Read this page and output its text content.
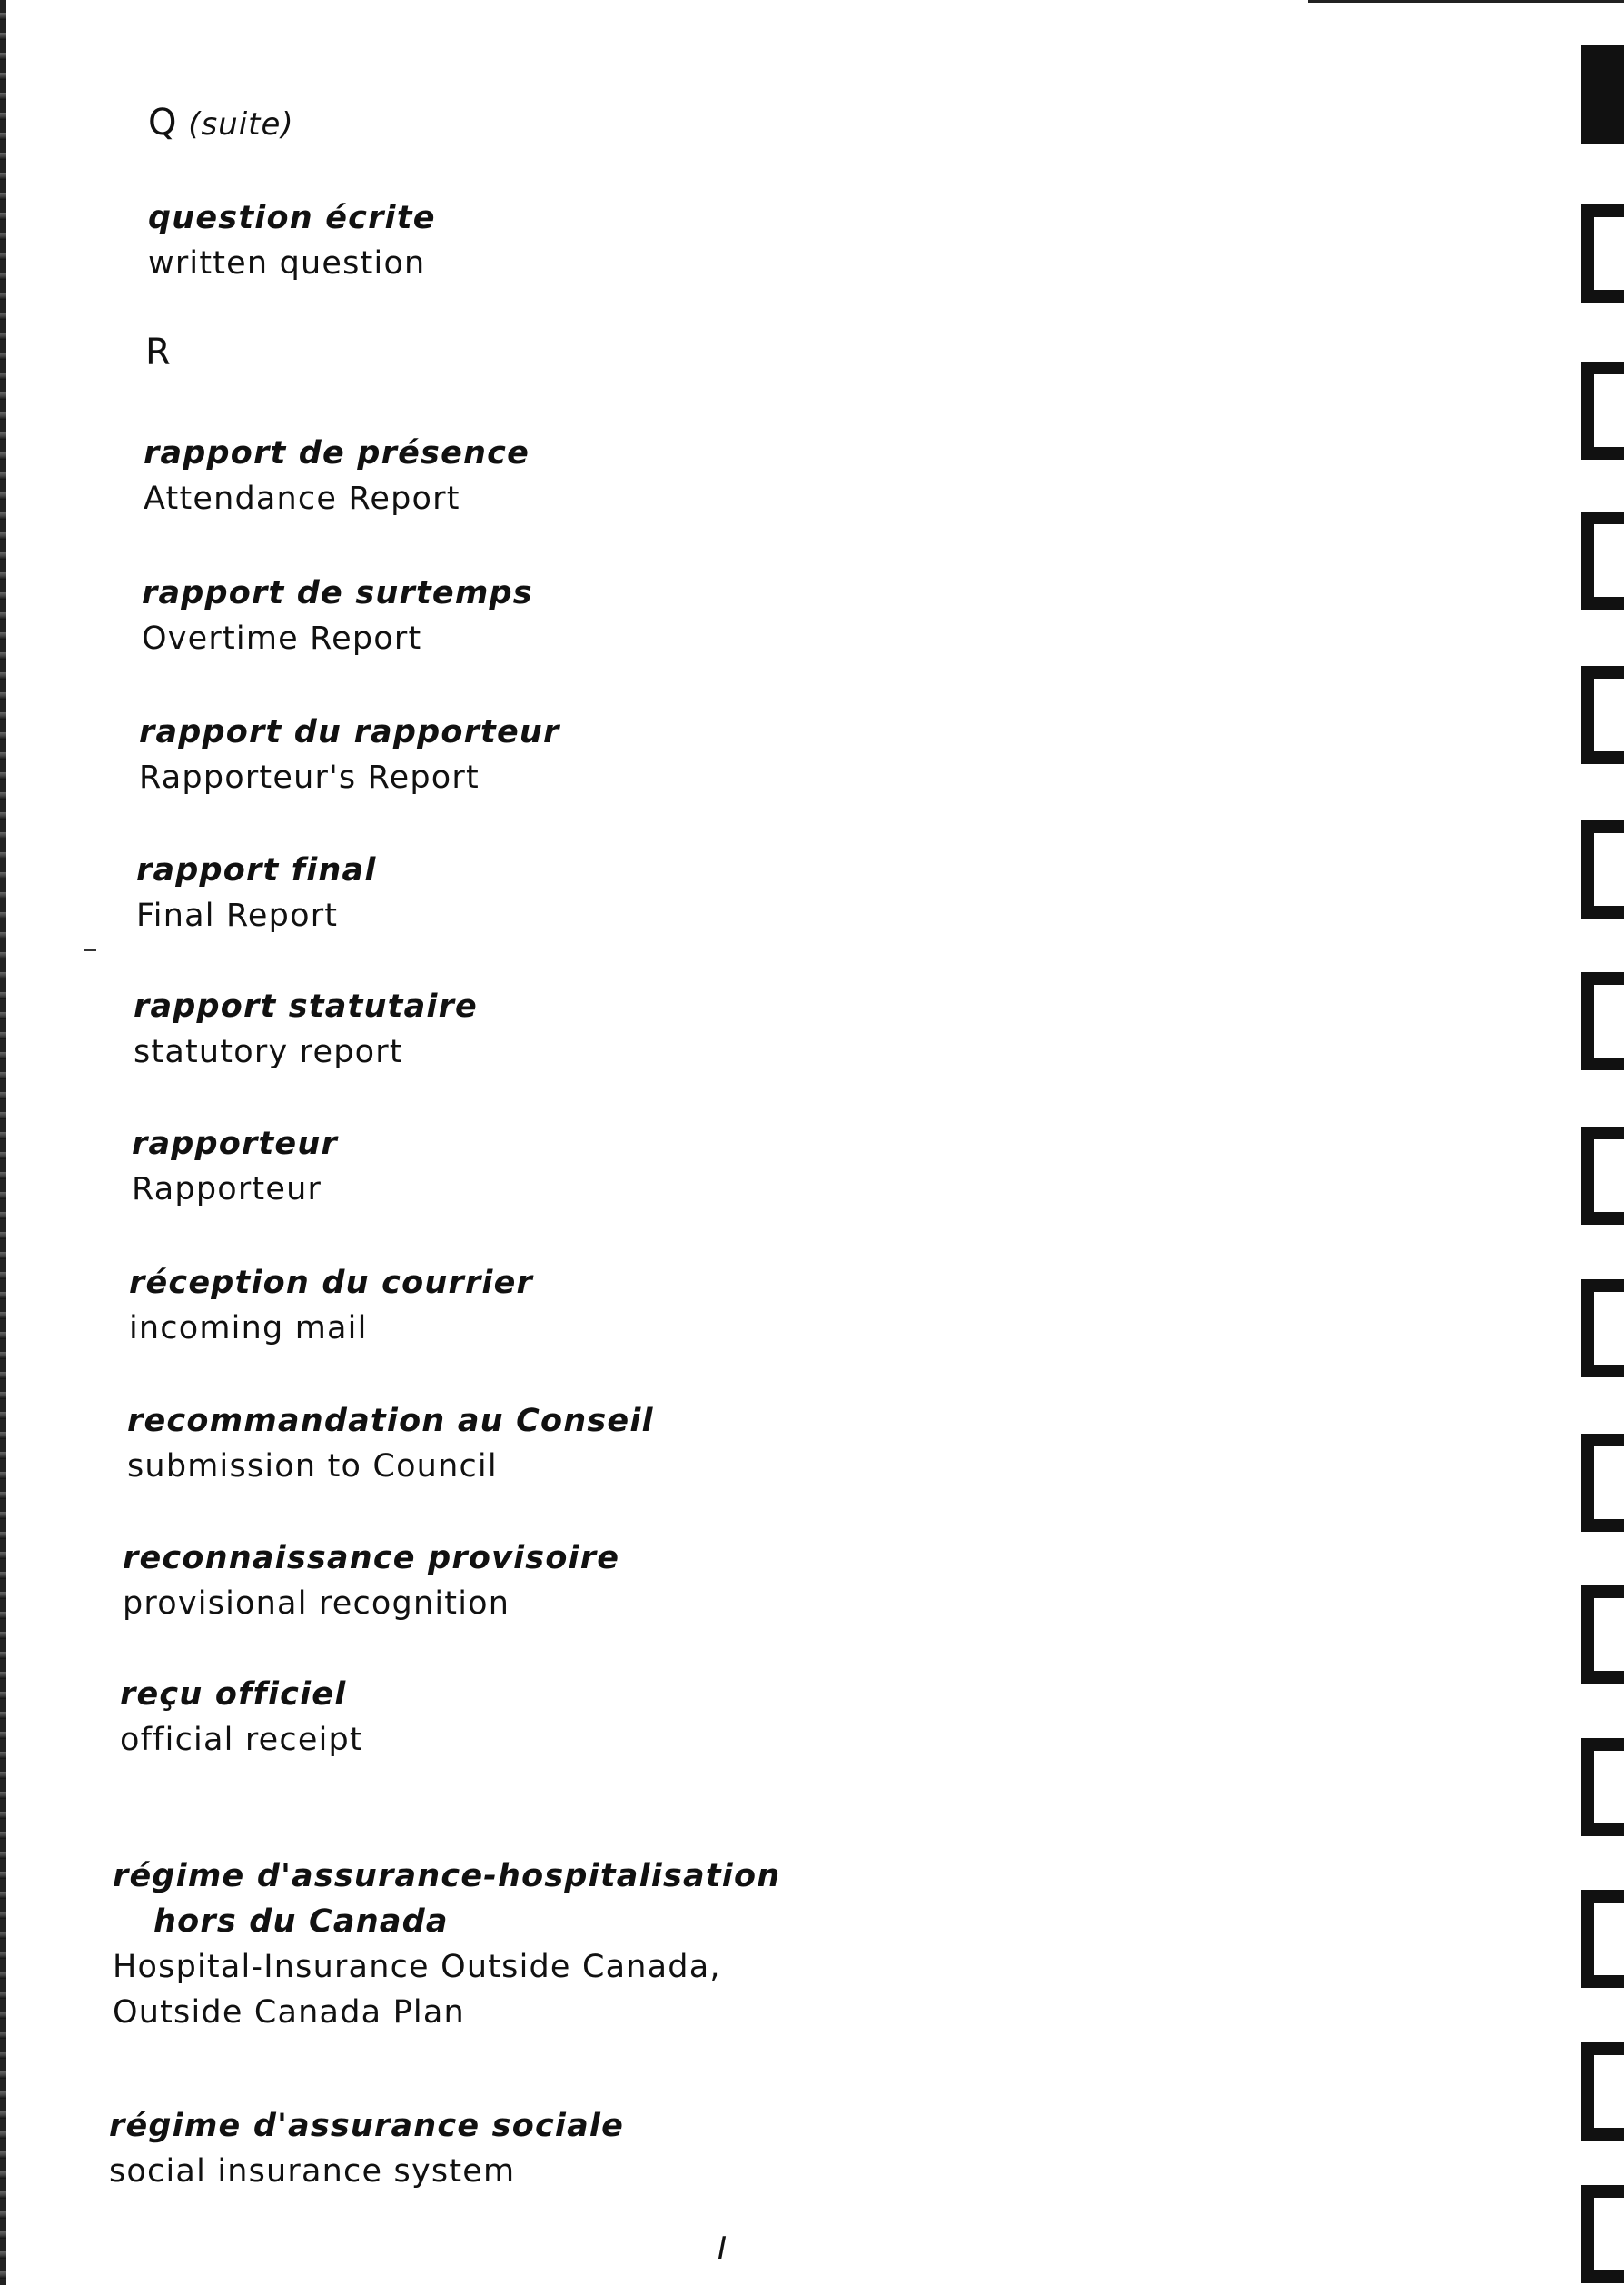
Q (suite)
question écrite
written question
R
rapport de présence
Attendance Report
rapport de surtemps
Overtime Report
rapport du rapporteur
Rapporteur's Report
rapport final
Final Report
rapport statutaire
statutory report
rapporteur
Rapporteur
réception du courrier
incoming mail
recommandation au Conseil
submission to Council
reconnaissance provisoire
provisional recognition
reçu officiel
official receipt
régime d'assurance-hospitalisation
hors du Canada
Hospital-Insurance Outside Canada,
Outside Canada Plan
régime d'assurance sociale
social insurance system
I
